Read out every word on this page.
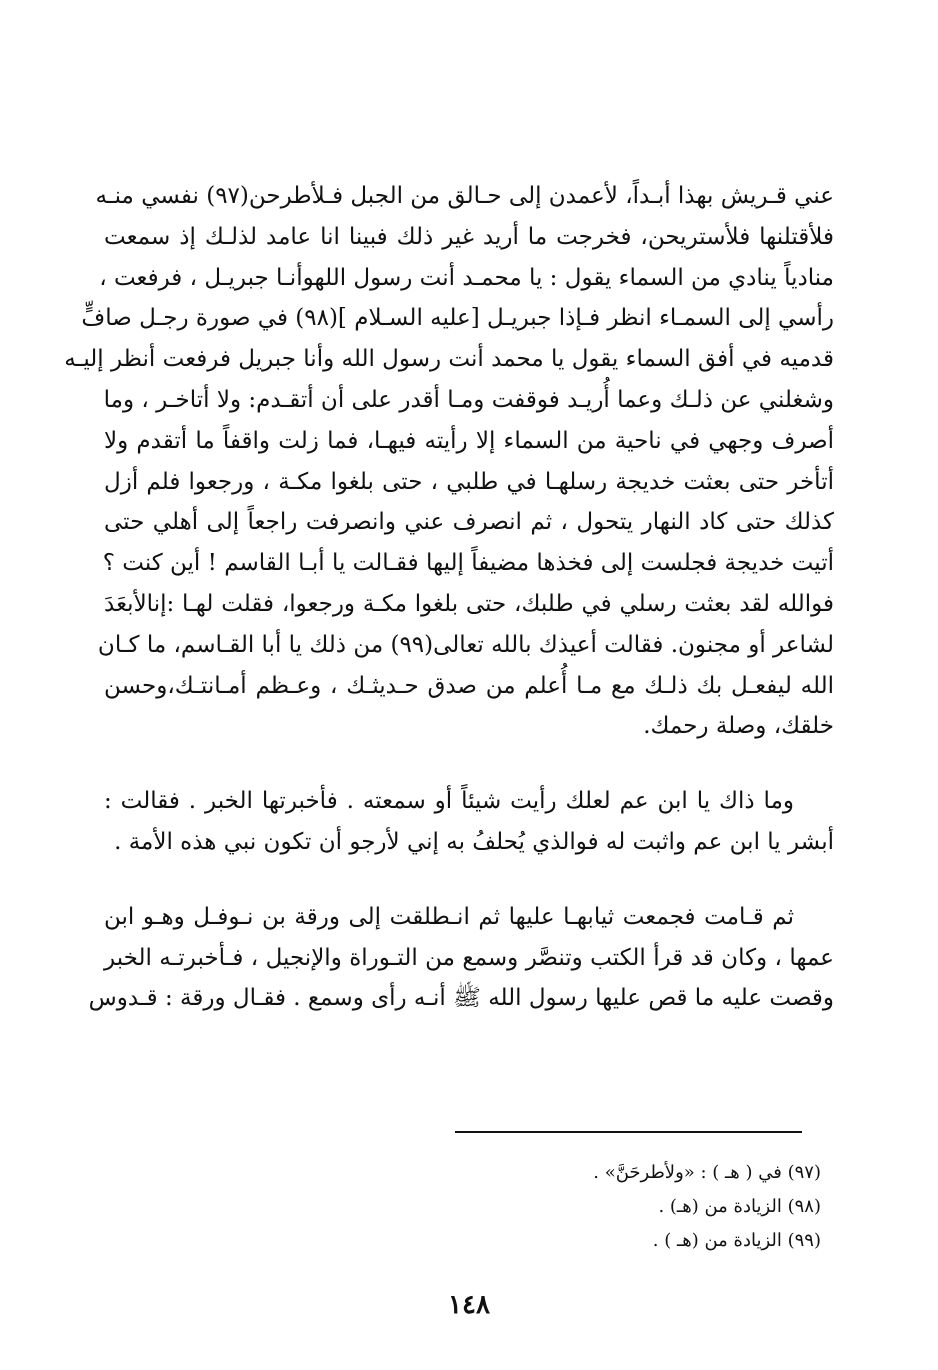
عني قـريش بهذا أبـداً، لأعمدن إلى حـالق من الجبل فـلأطرحن(٩٧) نفسي منـه
فلأقتلنها فلأستريحن، فخرجت ما أريد غير ذلك فبينا انا عامد لذلـك إذ سمعت
منادياً ينادي من السماء يقول : يا محمـد أنت رسول اللهوأنـا جبريـل ، فرفعت ،
رأسي إلى السمـاء انظر فـإذا جبريـل [عليه السـلام ](٩٨) في صورة رجـل صافٍّ
قدميه في أفق السماء يقول يا محمد أنت رسول الله وأنا جبريل فرفعت أنظر إليـه
وشغلني عن ذلـك وعما أُريـد فوقفت ومـا أقدر على أن أتقـدم: ولا أتاخـر ، وما
أصرف وجهي في ناحية من السماء إلا رأيته فيهـا، فما زلت واقفاً ما أتقدم ولا
أتأخر حتى بعثت خديجة رسلهـا في طلبي ، حتى بلغوا مكـة ، ورجعوا فلم أزل
كذلك حتى كاد النهار يتحول ، ثم انصرف عني وانصرفت راجعاً إلى أهلي حتى
أتيت خديجة فجلست إلى فخذها مضيفاً إليها فقـالت يا أبـا القاسم ! أين كنت ؟
فوالله لقد بعثت رسلي في طلبك، حتى بلغوا مكـة ورجعوا، فقلت لهـا :إنالأبعَدَ
لشاعر أو مجنون. فقالت أعيذك بالله تعالى(٩٩) من ذلك يا أبا القـاسم، ما كـان
الله ليفعـل بك ذلـك مع مـا أُعلم من صدق حـديثـك ، وعـظم أمـانتـك،وحسن
خلقك، وصلة رحمك.
وما ذاك يا ابن عم لعلك رأيت شيئاً أو سمعته . فأخبرتها الخبر . فقالت :
أبشر يا ابن عم واثبت له فوالذي يُحلفُ به إني لأرجو أن تكون نبي هذه الأمة .
ثم قـامت فجمعت ثيابهـا عليها ثم انـطلقت إلى ورقة بن نـوفـل وهـو ابن
عمها ، وكان قد قرأ الكتب وتنصَّر وسمع من التـوراة والإنجيل ، فـأخبرتـه الخبر
وقصت عليه ما قص عليها رسول الله ﷺ أنـه رأى وسمع . فقـال ورقة : قـدوس
(٩٧) في ( هـ ) : «ولأطرحَنَّ» .
(٩٨) الزيادة من (هـ) .
(٩٩) الزيادة من (هـ ) .
١٤٨
